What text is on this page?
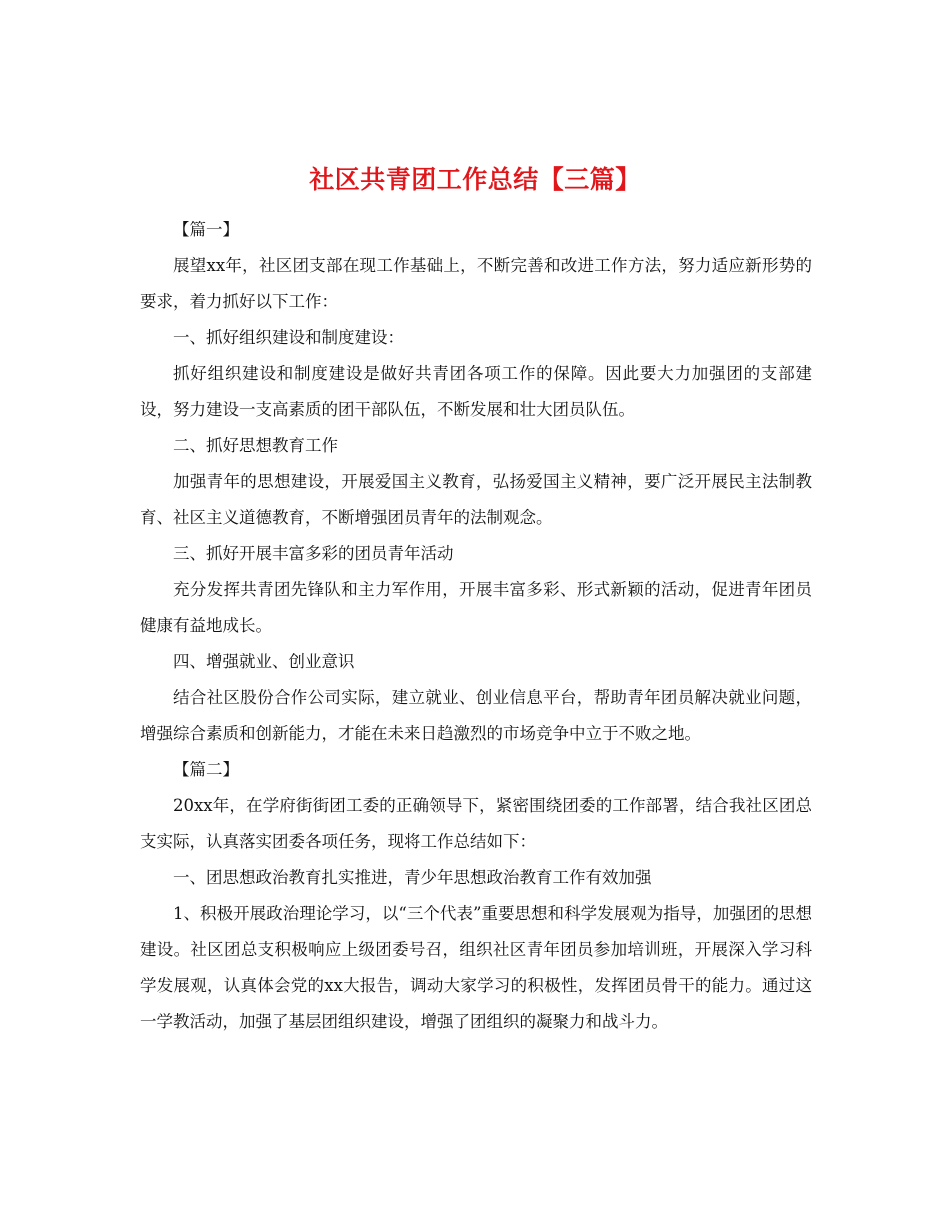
社区共青团工作总结【三篇】

【篇一】

展望xx年，社区团支部在现工作基础上，不断完善和改进工作方法，努力适应新形势的要求，着力抓好以下工作：

一、抓好组织建设和制度建设：

抓好组织建设和制度建设是做好共青团各项工作的保障。因此要大力加强团的支部建设，努力建设一支高素质的团干部队伍，不断发展和壮大团员队伍。

二、抓好思想教育工作

加强青年的思想建设，开展爱国主义教育，弘扬爱国主义精神，要广泛开展民主法制教育、社区主义道德教育，不断增强团员青年的法制观念。

三、抓好开展丰富多彩的团员青年活动

充分发挥共青团先锋队和主力军作用，开展丰富多彩、形式新颖的活动，促进青年团员健康有益地成长。

四、增强就业、创业意识

结合社区股份合作公司实际，建立就业、创业信息平台，帮助青年团员解决就业问题，增强综合素质和创新能力，才能在未来日趋激烈的市场竞争中立于不败之地。

【篇二】

20xx年，在学府街街团工委的正确领导下，紧密围绕团委的工作部署，结合我社区团总支实际，认真落实团委各项任务，现将工作总结如下：

一、团思想政治教育扎实推进，青少年思想政治教育工作有效加强

1、积极开展政治理论学习，以“三个代表”重要思想和科学发展观为指导，加强团的思想建设。社区团总支积极响应上级团委号召，组织社区青年团员参加培训班，开展深入学习科学发展观，认真体会党的xx大报告，调动大家学习的积极性，发挥团员骨干的能力。通过这一学教活动，加强了基层团组织建设，增强了团组织的凝聚力和战斗力。
